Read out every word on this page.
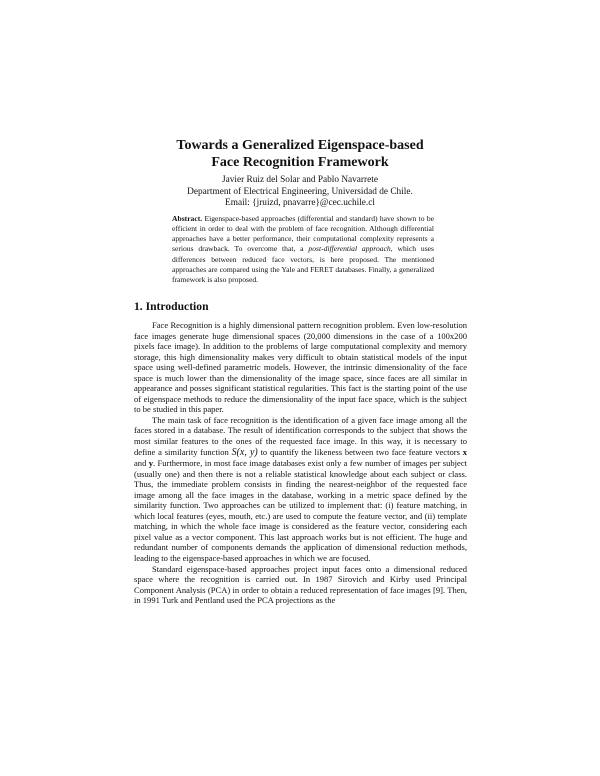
Towards a Generalized Eigenspace-based
Face Recognition Framework
Javier Ruiz del Solar and Pablo Navarrete
Department of Electrical Engineering, Universidad de Chile.
Email: {jruizd, pnavarre}@cec.uchile.cl
Abstract. Eigenspace-based approaches (differential and standard) have shown to be efficient in order to deal with the problem of face recognition. Although differential approaches have a better performance, their computational complexity represents a serious drawback. To overcome that, a post-differential approach, which uses differences between reduced face vectors, is here proposed. The mentioned approaches are compared using the Yale and FERET databases. Finally, a generalized framework is also proposed.
1. Introduction

Face Recognition is a highly dimensional pattern recognition problem. Even low-resolution face images generate huge dimensional spaces (20,000 dimensions in the case of a 100x200 pixels face image). In addition to the problems of large computational complexity and memory storage, this high dimensionality makes very difficult to obtain statistical models of the input space using well-defined parametric models. However, the intrinsic dimensionality of the face space is much lower than the dimensionality of the image space, since faces are all similar in appearance and posses significant statistical regularities. This fact is the starting point of the use of eigenspace methods to reduce the dimensionality of the input face space, which is the subject to be studied in this paper.

The main task of face recognition is the identification of a given face image among all the faces stored in a database. The result of identification corresponds to the subject that shows the most similar features to the ones of the requested face image. In this way, it is necessary to define a similarity function S(x, y) to quantify the likeness between two face feature vectors x and y. Furthermore, in most face image databases exist only a few number of images per subject (usually one) and then there is not a reliable statistical knowledge about each subject or class. Thus, the immediate problem consists in finding the nearest-neighbor of the requested face image among all the face images in the database, working in a metric space defined by the similarity function. Two approaches can be utilized to implement that: (i) feature matching, in which local features (eyes, mouth, etc.) are used to compute the feature vector, and (ii) template matching, in which the whole face image is considered as the feature vector, considering each pixel value as a vector component. This last approach works but is not efficient. The huge and redundant number of components demands the application of dimensional reduction methods, leading to the eigenspace-based approaches in which we are focused.

Standard eigenspace-based approaches project input faces onto a dimensional reduced space where the recognition is carried out. In 1987 Sirovich and Kirby used Principal Component Analysis (PCA) in order to obtain a reduced representation of face images [9]. Then, in 1991 Turk and Pentland used the PCA projections as the
